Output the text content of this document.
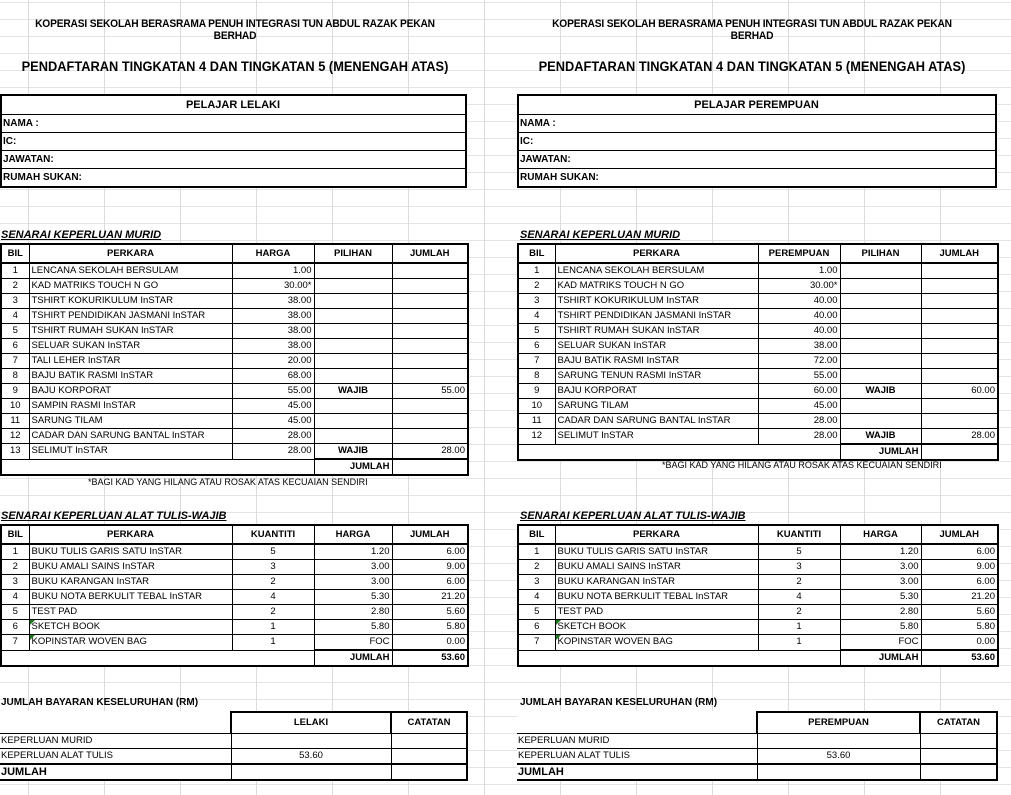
KOPERASI SEKOLAH BERASRAMA PENUH INTEGRASI TUN ABDUL RAZAK PEKAN BERHAD
PENDAFTARAN TINGKATAN 4 DAN TINGKATAN 5 (MENENGAH ATAS)
PELAJAR LELAKI
NAMA :
IC:
JAWATAN:
RUMAH SUKAN:
SENARAI KEPERLUAN MURID
BIL	PERKARA	HARGA	PILIHAN	JUMLAH
1	LENCANA SEKOLAH BERSULAM	1.00		
2	KAD MATRIKS TOUCH N GO	30.00*		
3	TSHIRT KOKURIKULUM InSTAR	38.00		
4	TSHIRT PENDIDIKAN JASMANI InSTAR	38.00		
5	TSHIRT RUMAH SUKAN InSTAR	38.00		
6	SELUAR SUKAN InSTAR	38.00		
7	TALI LEHER InSTAR	20.00		
8	BAJU BATIK RASMI InSTAR	68.00		
9	BAJU KORPORAT	55.00	WAJIB	55.00
10	SAMPIN RASMI InSTAR	45.00		
11	SARUNG TILAM	45.00		
12	CADAR DAN SARUNG BANTAL InSTAR	28.00		
13	SELIMUT InSTAR	28.00	WAJIB	28.00
			JUMLAH	
*BAGI KAD YANG HILANG ATAU ROSAK ATAS KECUAIAN SENDIRI
SENARAI KEPERLUAN ALAT TULIS-WAJIB
BIL	PERKARA	KUANTITI	HARGA	JUMLAH
1	BUKU TULIS GARIS SATU InSTAR	5	1.20	6.00
2	BUKU AMALI SAINS InSTAR	3	3.00	9.00
3	BUKU KARANGAN InSTAR	2	3.00	6.00
4	BUKU NOTA BERKULIT TEBAL InSTAR	4	5.30	21.20
5	TEST PAD	2	2.80	5.60
6	SKETCH BOOK	1	5.80	5.80
7	KOPINSTAR WOVEN BAG	1	FOC	0.00
			JUMLAH	53.60
JUMLAH BAYARAN KESELURUHAN (RM)
	LELAKI	CATATAN
KEPERLUAN MURID		
KEPERLUAN ALAT TULIS	53.60	
JUMLAH		
KOPERASI SEKOLAH BERASRAMA PENUH INTEGRASI TUN ABDUL RAZAK PEKAN BERHAD
PENDAFTARAN TINGKATAN 4 DAN TINGKATAN 5 (MENENGAH ATAS)
PELAJAR PEREMPUAN
NAMA :
IC:
JAWATAN:
RUMAH SUKAN:
SENARAI KEPERLUAN MURID
BIL	PERKARA	PEREMPUAN	PILIHAN	JUMLAH
1	LENCANA SEKOLAH BERSULAM	1.00		
2	KAD MATRIKS TOUCH N GO	30.00*		
3	TSHIRT KOKURIKULUM InSTAR	40.00		
4	TSHIRT PENDIDIKAN JASMANI InSTAR	40.00		
5	TSHIRT RUMAH SUKAN InSTAR	40.00		
6	SELUAR SUKAN InSTAR	38.00		
7	BAJU BATIK RASMI InSTAR	72.00		
8	SARUNG TENUN RASMI InSTAR	55.00		
9	BAJU KORPORAT	60.00	WAJIB	60.00
10	SARUNG TILAM	45.00		
11	CADAR DAN SARUNG BANTAL InSTAR	28.00		
12	SELIMUT InSTAR	28.00	WAJIB	28.00
			JUMLAH	
*BAGI KAD YANG HILANG ATAU ROSAK ATAS KECUAIAN SENDIRI
SENARAI KEPERLUAN ALAT TULIS-WAJIB
BIL	PERKARA	KUANTITI	HARGA	JUMLAH
1	BUKU TULIS GARIS SATU InSTAR	5	1.20	6.00
2	BUKU AMALI SAINS InSTAR	3	3.00	9.00
3	BUKU KARANGAN InSTAR	2	3.00	6.00
4	BUKU NOTA BERKULIT TEBAL InSTAR	4	5.30	21.20
5	TEST PAD	2	2.80	5.60
6	SKETCH BOOK	1	5.80	5.80
7	KOPINSTAR WOVEN BAG	1	FOC	0.00
			JUMLAH	53.60
JUMLAH BAYARAN KESELURUHAN (RM)
	PEREMPUAN	CATATAN
KEPERLUAN MURID		
KEPERLUAN ALAT TULIS	53.60	
JUMLAH		
